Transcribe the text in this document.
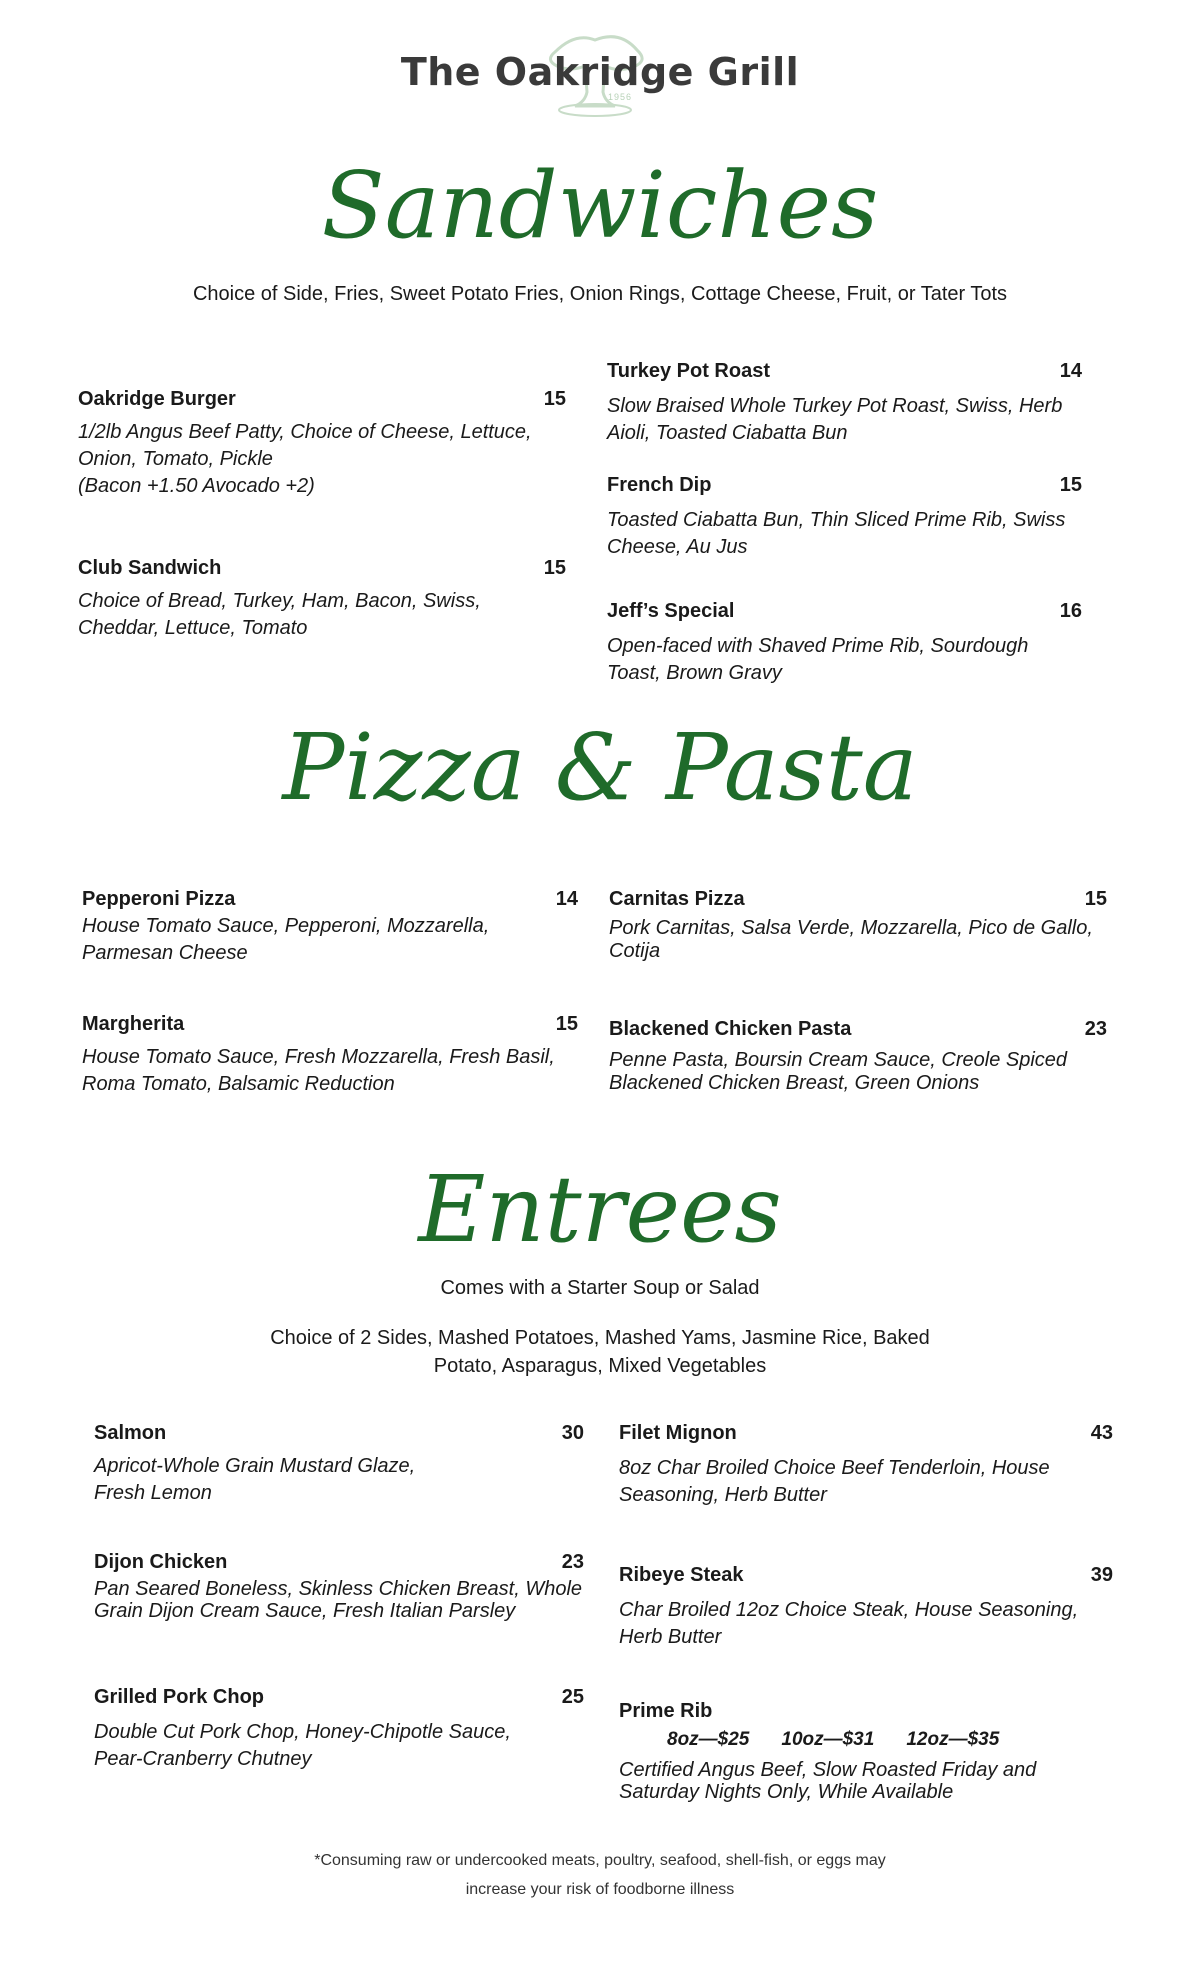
The Oakridge Grill
1956
Sandwiches
Choice of Side, Fries, Sweet Potato Fries, Onion Rings, Cottage Cheese, Fruit, or Tater Tots
Oakridge Burger	15
1/2lb Angus Beef Patty, Choice of Cheese, Lettuce, Onion, Tomato, Pickle
(Bacon +1.50 Avocado +2)
Club Sandwich	15
Choice of Bread, Turkey, Ham, Bacon, Swiss, Cheddar, Lettuce, Tomato
Turkey Pot Roast	14
Slow Braised Whole Turkey Pot Roast, Swiss, Herb Aioli, Toasted Ciabatta Bun
French Dip	15
Toasted Ciabatta Bun, Thin Sliced Prime Rib, Swiss Cheese, Au Jus
Jeff’s Special	16
Open-faced with Shaved Prime Rib, Sourdough Toast, Brown Gravy
Pizza & Pasta
Pepperoni Pizza	14
House Tomato Sauce, Pepperoni, Mozzarella, Parmesan Cheese
Margherita	15
House Tomato Sauce, Fresh Mozzarella, Fresh Basil, Roma Tomato, Balsamic Reduction
Carnitas Pizza	15
Pork Carnitas, Salsa Verde, Mozzarella, Pico de Gallo, Cotija
Blackened Chicken Pasta	23
Penne Pasta, Boursin Cream Sauce, Creole Spiced Blackened Chicken Breast, Green Onions
Entrees
Comes with a Starter Soup or Salad
Choice of 2 Sides, Mashed Potatoes, Mashed Yams, Jasmine Rice, Baked Potato, Asparagus, Mixed Vegetables
Salmon	30
Apricot-Whole Grain Mustard Glaze, Fresh Lemon
Dijon Chicken	23
Pan Seared Boneless, Skinless Chicken Breast, Whole Grain Dijon Cream Sauce, Fresh Italian Parsley
Grilled Pork Chop	25
Double Cut Pork Chop, Honey-Chipotle Sauce, Pear-Cranberry Chutney
Filet Mignon	43
8oz Char Broiled Choice Beef Tenderloin, House Seasoning, Herb Butter
Ribeye Steak	39
Char Broiled 12oz Choice Steak, House Seasoning, Herb Butter
Prime Rib
8oz—$25 10oz—$31 12oz—$35
Certified Angus Beef, Slow Roasted Friday and Saturday Nights Only, While Available
*Consuming raw or undercooked meats, poultry, seafood, shell-fish, or eggs may increase your risk of foodborne illness
